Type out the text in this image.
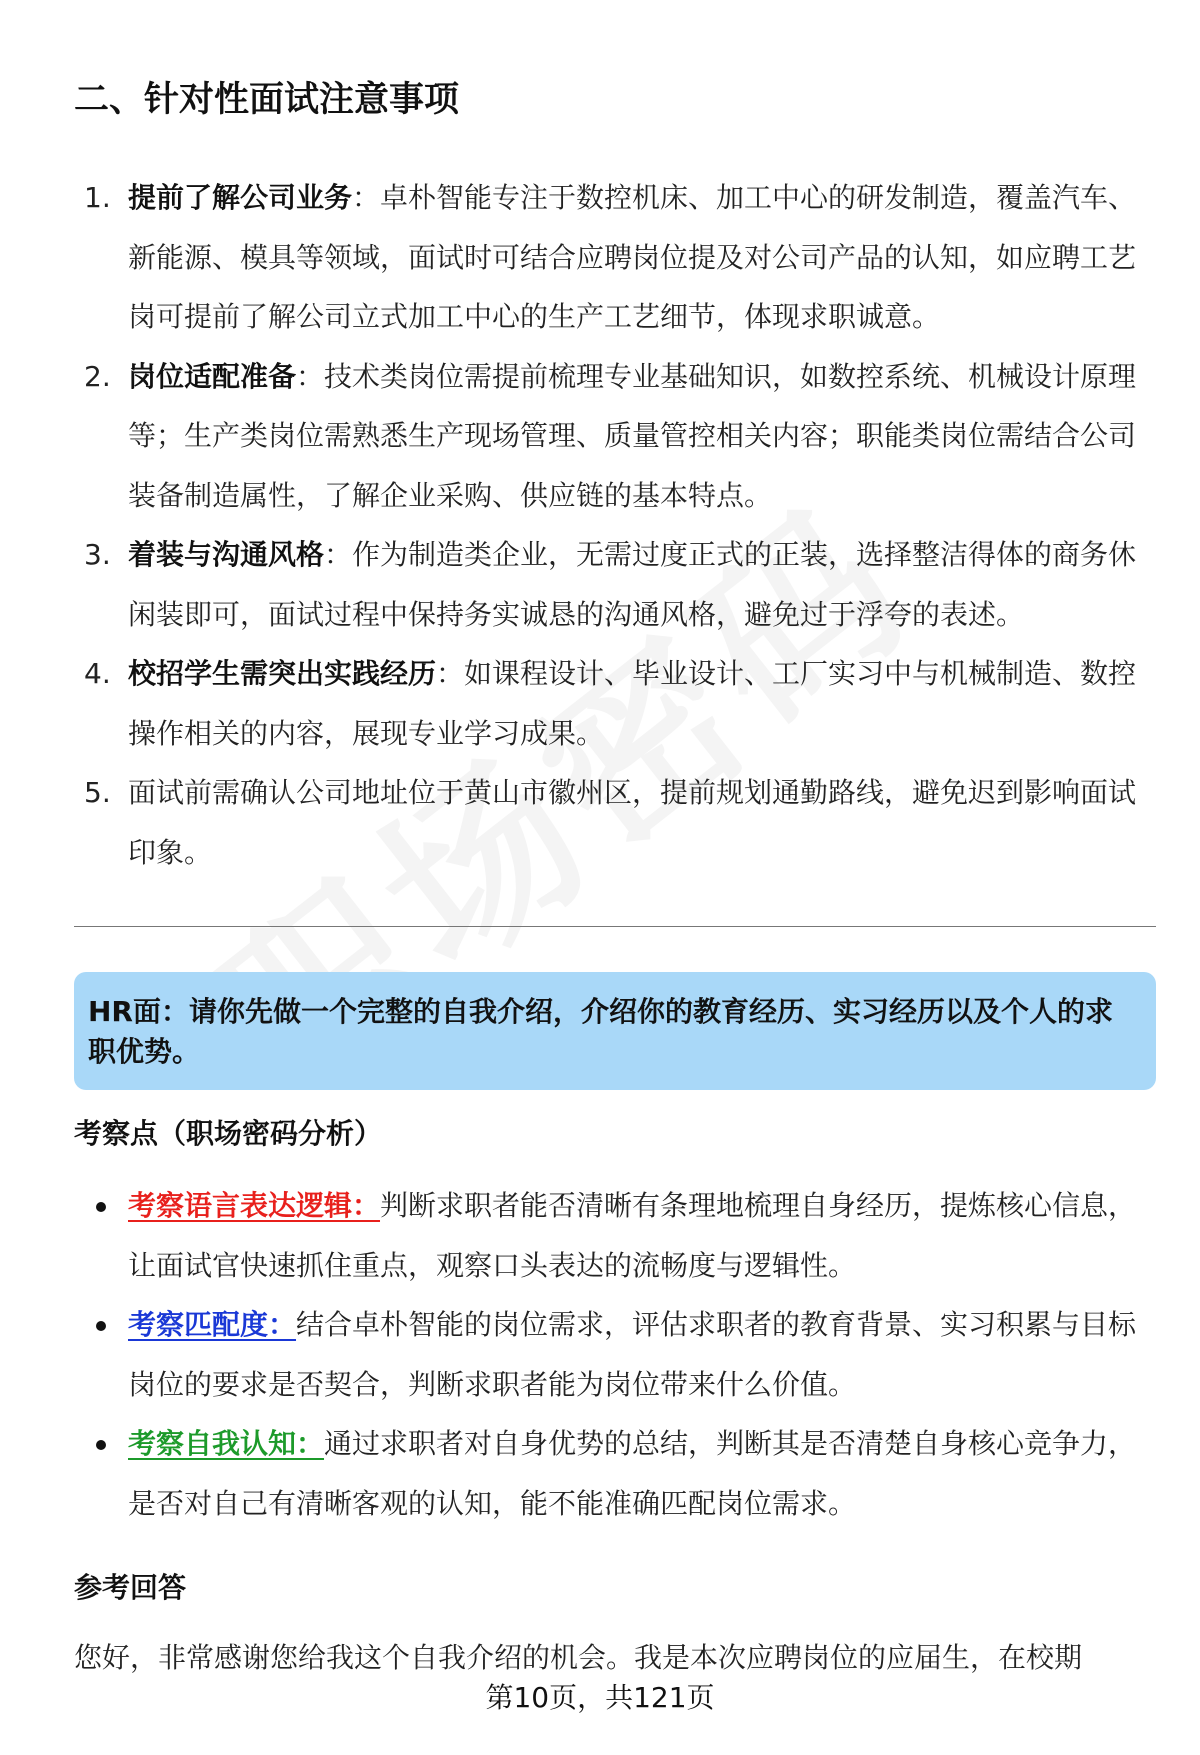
二、针对性面试注意事项
1. 提前了解公司业务：卓朴智能专注于数控机床、加工中心的研发制造，覆盖汽车、新能源、模具等领域，面试时可结合应聘岗位提及对公司产品的认知，如应聘工艺岗可提前了解公司立式加工中心的生产工艺细节，体现求职诚意。
2. 岗位适配准备：技术类岗位需提前梳理专业基础知识，如数控系统、机械设计原理等；生产类岗位需熟悉生产现场管理、质量管控相关内容；职能类岗位需结合公司装备制造属性，了解企业采购、供应链的基本特点。
3. 着装与沟通风格：作为制造类企业，无需过度正式的正装，选择整洁得体的商务休闲装即可，面试过程中保持务实诚恳的沟通风格，避免过于浮夸的表述。
4. 校招学生需突出实践经历：如课程设计、毕业设计、工厂实习中与机械制造、数控操作相关的内容，展现专业学习成果。
5. 面试前需确认公司地址位于黄山市徽州区，提前规划通勤路线，避免迟到影响面试印象。

HR面：请你先做一个完整的自我介绍，介绍你的教育经历、实习经历以及个人的求职优势。

考察点（职场密码分析）
考察语言表达逻辑：判断求职者能否清晰有条理地梳理自身经历，提炼核心信息，让面试官快速抓住重点，观察口头表达的流畅度与逻辑性。
考察匹配度：结合卓朴智能的岗位需求，评估求职者的教育背景、实习积累与目标岗位的要求是否契合，判断求职者能为岗位带来什么价值。
考察自我认知：通过求职者对自身优势的总结，判断其是否清楚自身核心竞争力，是否对自己有清晰客观的认知，能不能准确匹配岗位需求。
参考回答

您好，非常感谢您给我这个自我介绍的机会。我是本次应聘岗位的应届生，在校期

第10页，共121页
